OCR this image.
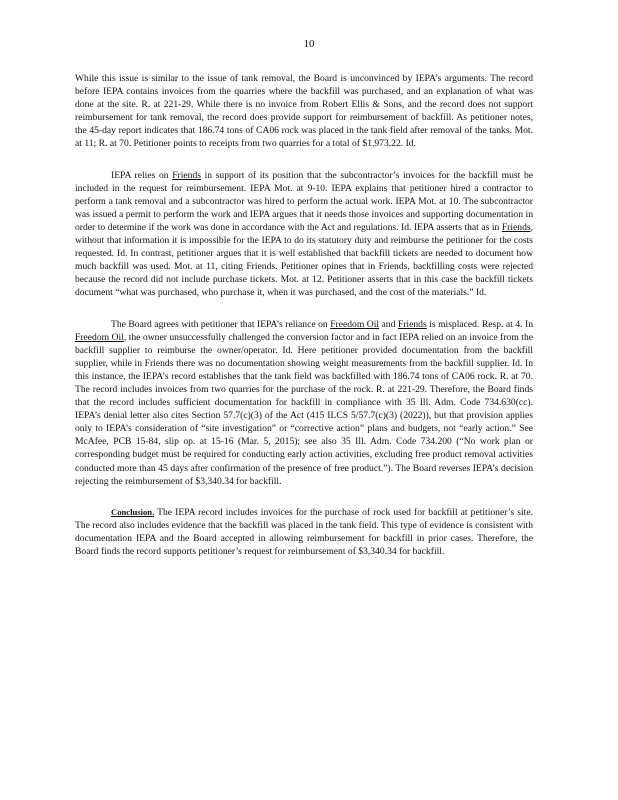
10

While this issue is similar to the issue of tank removal, the Board is unconvinced by IEPA’s arguments. The record before IEPA contains invoices from the quarries where the backfill was purchased, and an explanation of what was done at the site. R. at 221-29. While there is no invoice from Robert Ellis & Sons, and the record does not support reimbursement for tank removal, the record does provide support for reimbursement of backfill. As petitioner notes, the 45-day report indicates that 186.74 tons of CA06 rock was placed in the tank field after removal of the tanks. Mot. at 11; R. at 70. Petitioner points to receipts from two quarries for a total of $1,973.22. Id.

IEPA relies on Friends in support of its position that the subcontractor’s invoices for the backfill must be included in the request for reimbursement. IEPA Mot. at 9-10. IEPA explains that petitioner hired a contractor to perform a tank removal and a subcontractor was hired to perform the actual work. IEPA Mot. at 10. The subcontractor was issued a permit to perform the work and IEPA argues that it needs those invoices and supporting documentation in order to determine if the work was done in accordance with the Act and regulations. Id. IEPA asserts that as in Friends, without that information it is impossible for the IEPA to do its statutory duty and reimburse the petitioner for the costs requested. Id. In contrast, petitioner argues that it is well established that backfill tickets are needed to document how much backfill was used. Mot. at 11, citing Friends. Petitioner opines that in Friends, backfilling costs were rejected because the record did not include purchase tickets. Mot. at 12. Petitioner asserts that in this case the backfill tickets document “what was purchased, who purchase it, when it was purchased, and the cost of the materials.” Id.

The Board agrees with petitioner that IEPA’s reliance on Freedom Oil and Friends is misplaced. Resp. at 4. In Freedom Oil, the owner unsuccessfully challenged the conversion factor and in fact IEPA relied on an invoice from the backfill supplier to reimburse the owner/operator. Id. Here petitioner provided documentation from the backfill supplier, while in Friends there was no documentation showing weight measurements from the backfill supplier. Id. In this instance, the IEPA’s record establishes that the tank field was backfilled with 186.74 tons of CA06 rock. R. at 70. The record includes invoices from two quarries for the purchase of the rock. R. at 221-29. Therefore, the Board finds that the record includes sufficient documentation for backfill in compliance with 35 Ill. Adm. Code 734.630(cc). IEPA’s denial letter also cites Section 57.7(c)(3) of the Act (415 ILCS 5/57.7(c)(3) (2022)), but that provision applies only to IEPA’s consideration of “site investigation” or “corrective action” plans and budgets, not “early action.” See McAfee, PCB 15-84, slip op. at 15-16 (Mar. 5, 2015); see also 35 Ill. Adm. Code 734.200 (“No work plan or corresponding budget must be required for conducting early action activities, excluding free product removal activities conducted more than 45 days after confirmation of the presence of free product.”). The Board reverses IEPA’s decision rejecting the reimbursement of $3,340.34 for backfill.

Conclusion. The IEPA record includes invoices for the purchase of rock used for backfill at petitioner’s site. The record also includes evidence that the backfill was placed in the tank field. This type of evidence is consistent with documentation IEPA and the Board accepted in allowing reimbursement for backfill in prior cases. Therefore, the Board finds the record supports petitioner’s request for reimbursement of $3,340.34 for backfill.
